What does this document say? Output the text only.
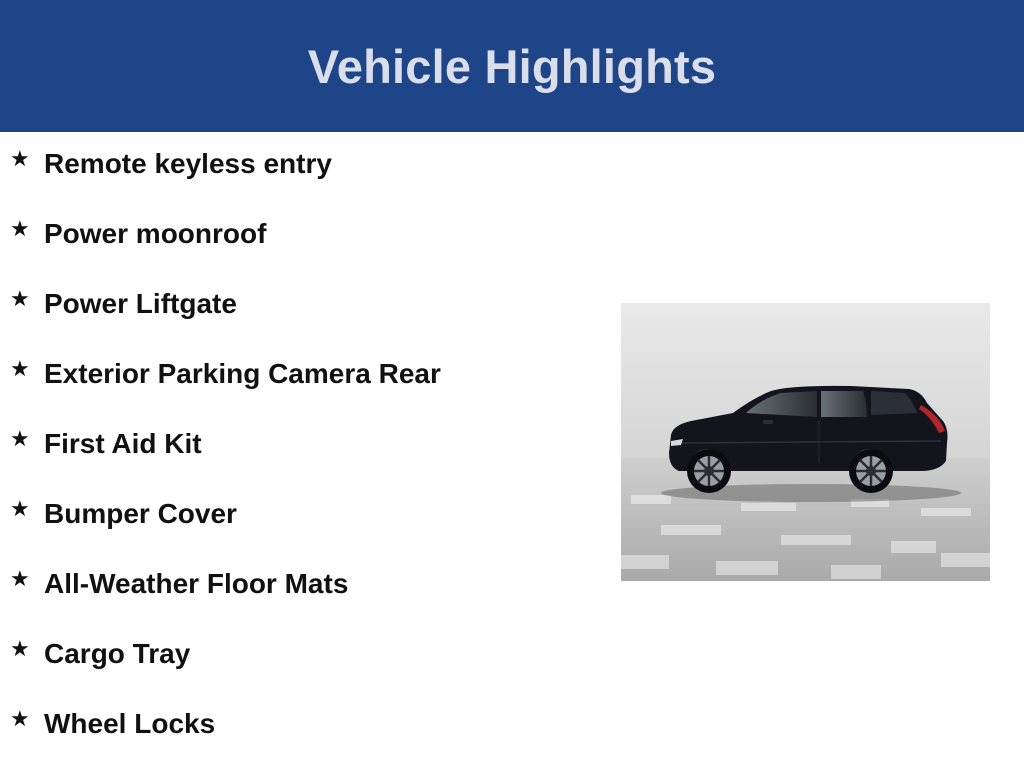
Vehicle Highlights
★ Remote keyless entry
★ Power moonroof
★ Power Liftgate
★ Exterior Parking Camera Rear
★ First Aid Kit
★ Bumper Cover
★ All-Weather Floor Mats
★ Cargo Tray
★ Wheel Locks
